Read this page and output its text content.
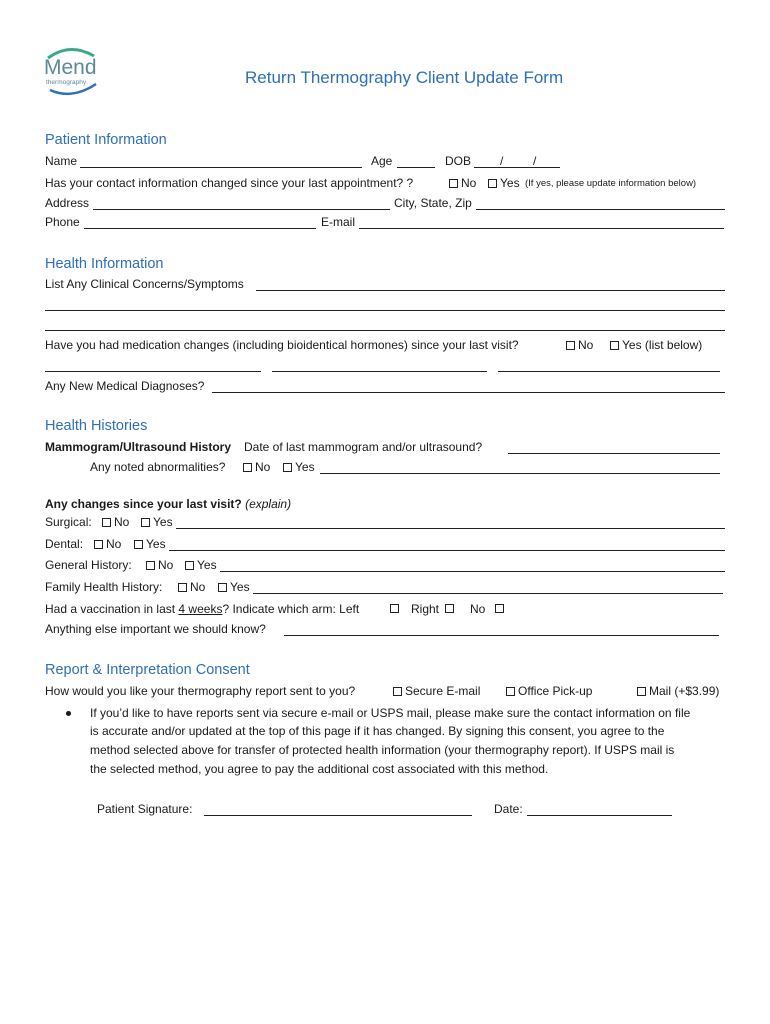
Mend
thermography	Return Thermography Client Update Form
Patient Information
Name	Age	DOB / /
Has your contact information changed since your last appointment? ?	No	Yes (If yes, please update information below)
Address	City, State, Zip
Phone	E-mail
Health Information
List Any Clinical Concerns/Symptoms
Have you had medication changes (including bioidentical hormones) since your last visit?	No	Yes (list below)
Any New Medical Diagnoses?
Health Histories
Mammogram/Ultrasound History Date of last mammogram and/or ultrasound?
Any noted abnormalities?	No	Yes
Any changes since your last visit? (explain)
Surgical:	No	Yes
Dental:	No	Yes
General History:	No	Yes
Family Health History:	No	Yes
Had a vaccination in last 4 weeks? Indicate which arm: Left	Right	No
Anything else important we should know?
Report & Interpretation Consent
How would you like your thermography report sent to you?	Secure E-mail	Office Pick-up	Mail (+$3.99)
If you’d like to have reports sent via secure e-mail or USPS mail, please make sure the contact information on file
is accurate and/or updated at the top of this page if it has changed. By signing this consent, you agree to the
method selected above for transfer of protected health information (your thermography report). If USPS mail is
the selected method, you agree to pay the additional cost associated with this method.
Patient Signature:	Date:
